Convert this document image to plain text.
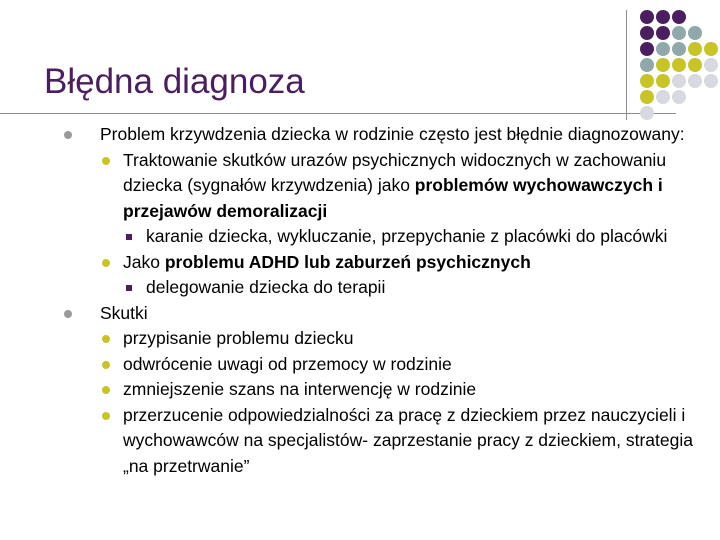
Błędna diagnoza
Problem krzywdzenia dziecka w rodzinie często jest błędnie diagnozowany:
Traktowanie skutków urazów psychicznych widocznych w zachowaniu dziecka (sygnałów krzywdzenia) jako problemów wychowawczych i przejawów demoralizacji
karanie dziecka, wykluczanie, przepychanie z placówki do placówki
Jako problemu ADHD lub zaburzeń psychicznych
delegowanie dziecka do terapii
Skutki
przypisanie problemu dziecku
odwrócenie uwagi od przemocy w rodzinie
zmniejszenie szans na interwencję w rodzinie
przerzucenie odpowiedzialności za pracę z dzieckiem przez nauczycieli i wychowawców na specjalistów- zaprzestanie pracy z dzieckiem, strategia „na przetrwanie”
